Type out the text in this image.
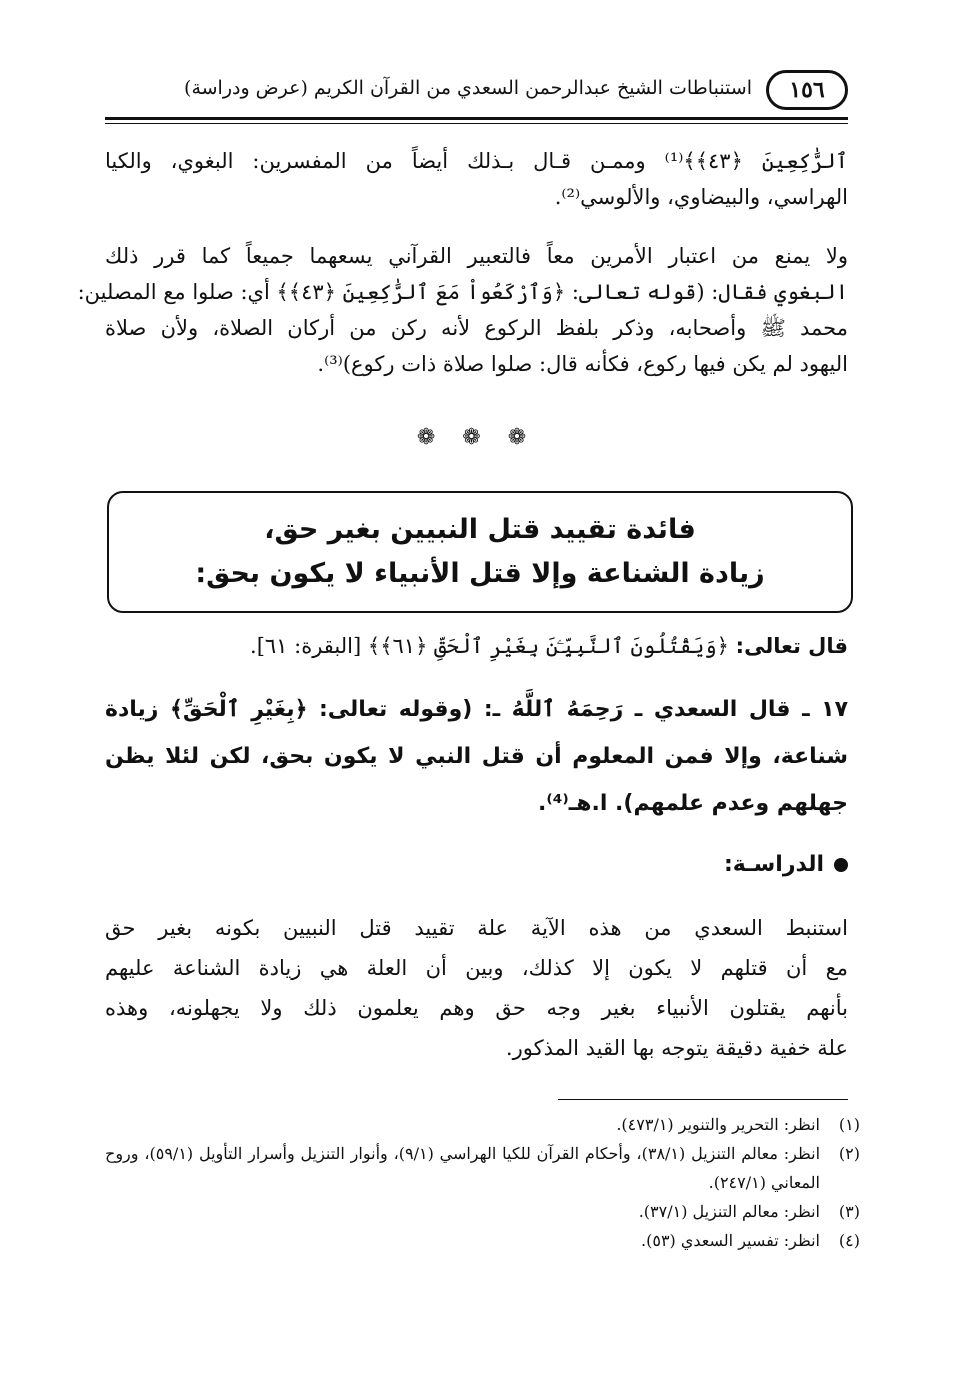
١٥٦
استنباطات الشيخ عبدالرحمن السعدي من القرآن الكريم (عرض ودراسة)

ٱلرَّٰكِعِينَ ﴿٤٣﴾﴾⁽¹⁾ وممـن قـال بـذلك أيضاً من المفسرين: البغوي، والكيا
الهراسي، والبيضاوي، والألوسي⁽²⁾.

ولا يمنع من اعتبار الأمرين معاً فالتعبير القرآني يسعهما جميعاً كما قرر ذلك
البغوي فقال: (قوله تعالى: ﴿وَٱرْكَعُواْ مَعَ ٱلرَّٰكِعِينَ ﴿٤٣﴾﴾ أي: صلوا مع المصلين:
محمد ﷺ وأصحابه، وذكر بلفظ الركوع لأنه ركن من أركان الصلاة، ولأن صلاة
اليهود لم يكن فيها ركوع، فكأنه قال: صلوا صلاة ذات ركوع)⁽³⁾.

❁ ❁ ❁
فائدة تقييد قتل النبيين بغير حق،
زيادة الشناعة وإلا قتل الأنبياء لا يكون بحق:
قال تعالى: ﴿وَيَقْتُلُونَ ٱلنَّبِيِّـۧنَ بِغَيْرِ ٱلْحَقِّ ﴿٦١﴾﴾ [البقرة: ٦١].

١٧ ـ قال السعدي ـ رَحِمَهُ ٱللَّهُ ـ: (وقوله تعالى: ﴿بِغَيْرِ ٱلْحَقِّ﴾ زيادة
شناعة، وإلا فمن المعلوم أن قتل النبي لا يكون بحق، لكن لئلا يظن
جهلهم وعدم علمهم). ا.هـ⁽⁴⁾.

الدراسـة:

استنبط السعدي من هذه الآية علة تقييد قتل النبيين بكونه بغير حق
مع أن قتلهم لا يكون إلا كذلك، وبين أن العلة هي زيادة الشناعة عليهم
بأنهم يقتلون الأنبياء بغير وجه حق وهم يعلمون ذلك ولا يجهلونه، وهذه
علة خفية دقيقة يتوجه بها القيد المذكور.

(١)
انظر: التحرير والتنوير (٤٧٣/١).
(٢)
انظر: معالم التنزيل (٣٨/١)، وأحكام القرآن للكيا الهراسي (٩/١)، وأنوار التنزيل وأسرار التأويل (٥٩/١)، وروح المعاني (٢٤٧/١).
(٣)
انظر: معالم التنزيل (٣٧/١).
(٤)
انظر: تفسير السعدي (٥٣).
